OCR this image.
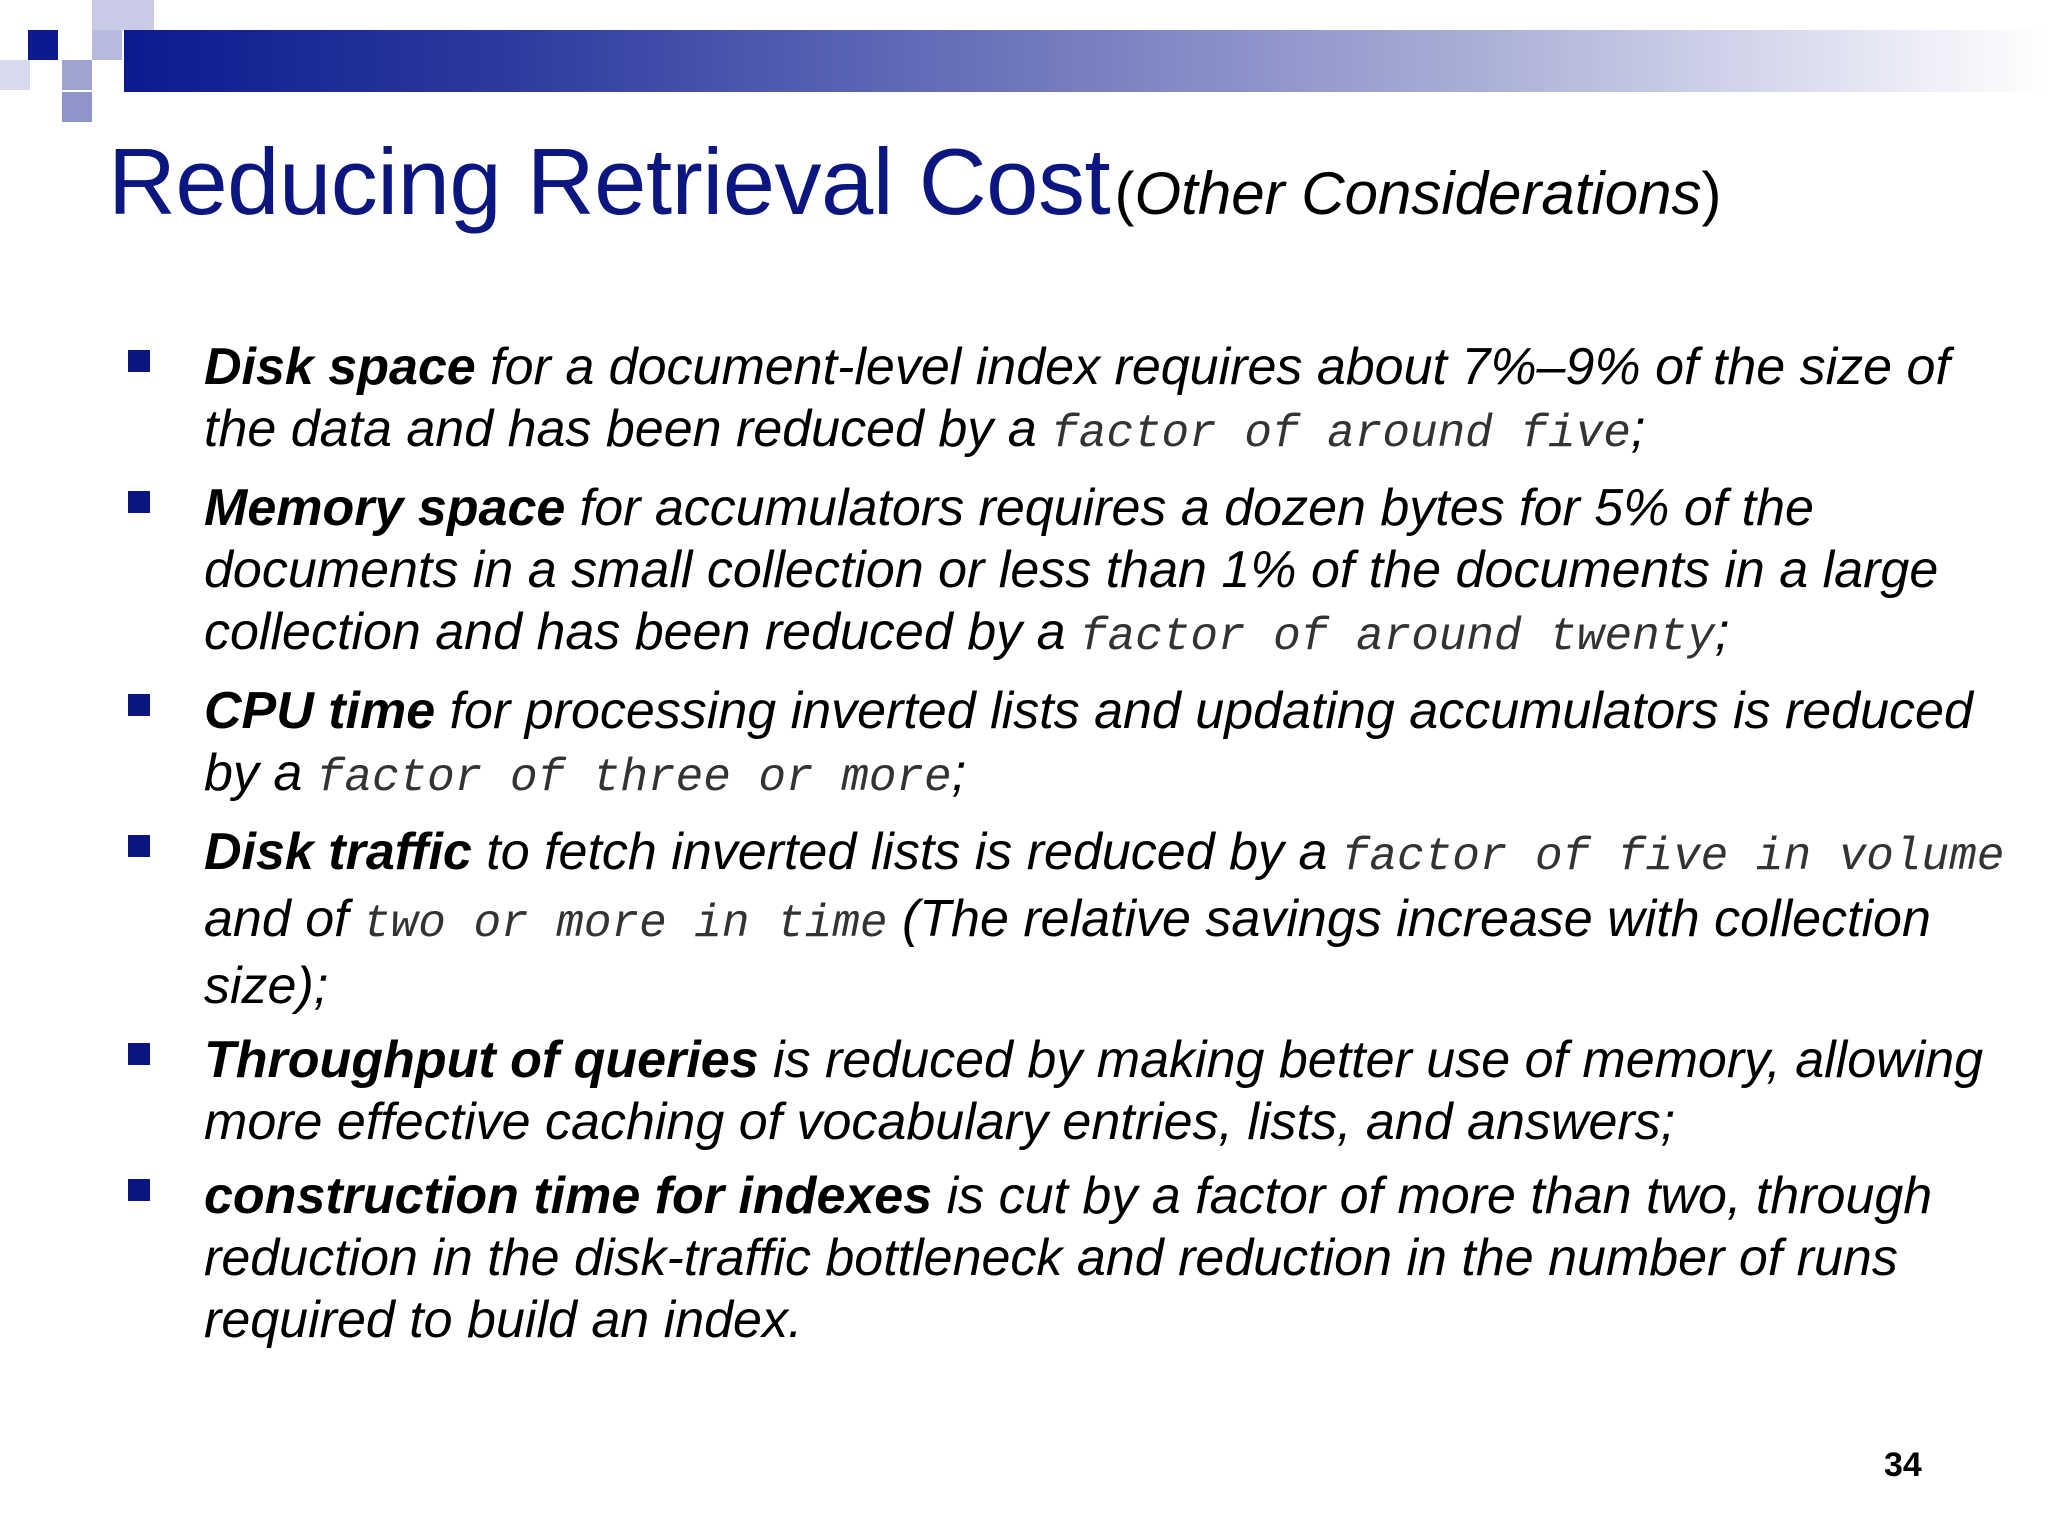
Reducing Retrieval Cost (Other Considerations)
Disk space for a document-level index requires about 7%–9% of the size of the data and has been reduced by a factor of around five;
Memory space for accumulators requires a dozen bytes for 5% of the documents in a small collection or less than 1% of the documents in a large collection and has been reduced by a factor of around twenty;
CPU time for processing inverted lists and updating accumulators is reduced by a factor of three or more;
Disk traffic to fetch inverted lists is reduced by a factor of five in volume and of two or more in time (The relative savings increase with collection size);
Throughput of queries is reduced by making better use of memory, allowing more effective caching of vocabulary entries, lists, and answers;
construction time for indexes is cut by a factor of more than two, through reduction in the disk-traffic bottleneck and reduction in the number of runs required to build an index.
34
